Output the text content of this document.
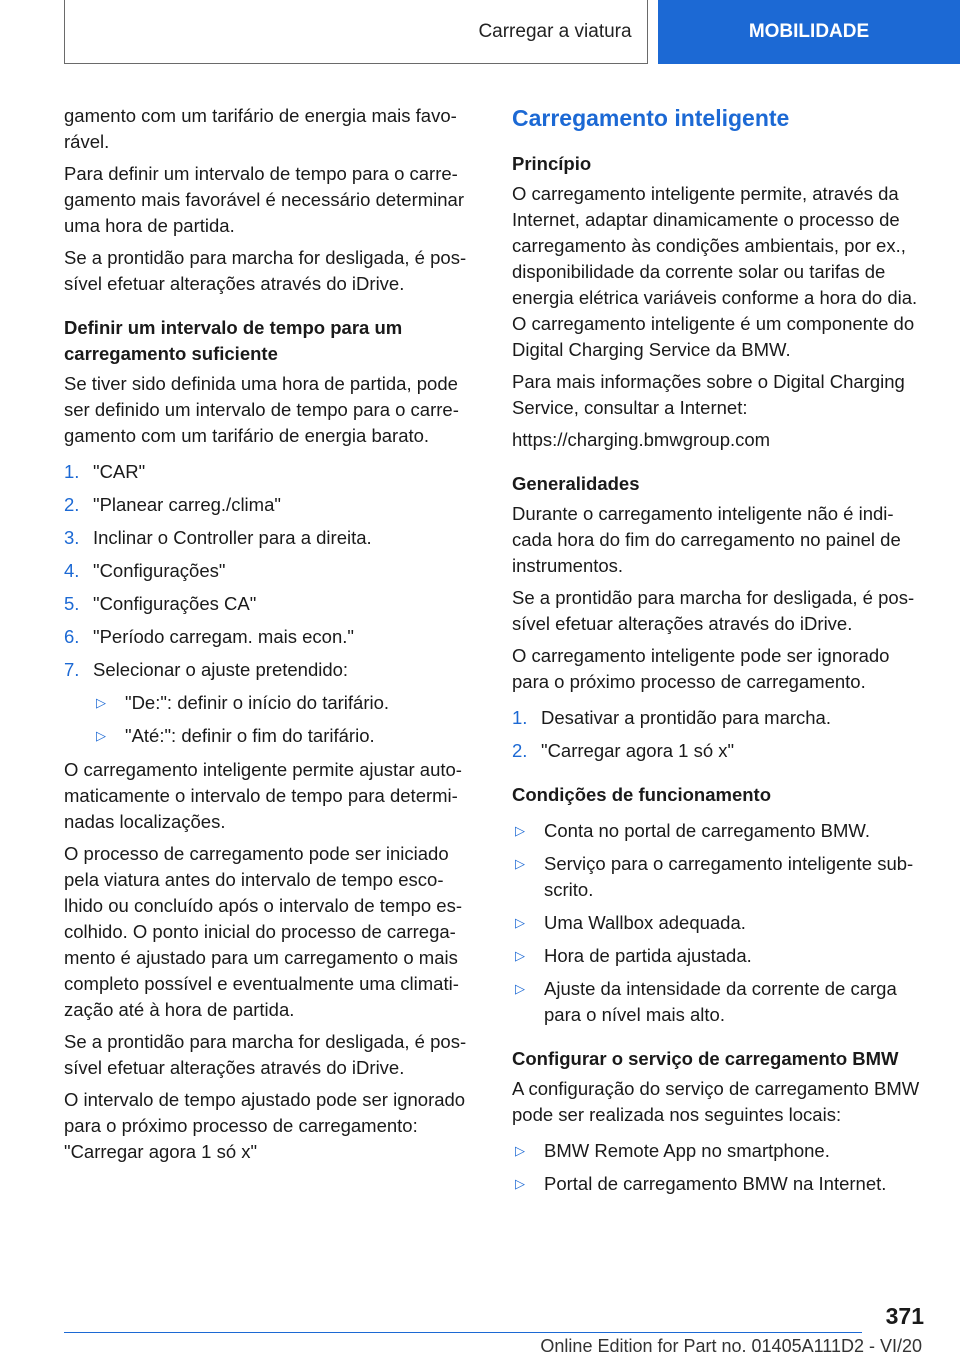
Carregar a viatura	MOBILIDADE

gamento com um tarifário de energia mais favo-rável.

Para definir um intervalo de tempo para o carre-gamento mais favorável é necessário determinar uma hora de partida.

Se a prontidão para marcha for desligada, é pos-sível efetuar alterações através do iDrive.

Definir um intervalo de tempo para um carregamento suficiente

Se tiver sido definida uma hora de partida, pode ser definido um intervalo de tempo para o carre-gamento com um tarifário de energia barato.

1. "CAR"
2. "Planear carreg./clima"
3. Inclinar o Controller para a direita.
4. "Configurações"
5. "Configurações CA"
6. "Período carregam. mais econ."
7. Selecionar o ajuste pretendido:
▷	"De:": definir o início do tarifário.
▷	"Até:": definir o fim do tarifário.

O carregamento inteligente permite ajustar auto-maticamente o intervalo de tempo para determi-nadas localizações.

O processo de carregamento pode ser iniciado pela viatura antes do intervalo de tempo esco-lhido ou concluído após o intervalo de tempo es-colhido. O ponto inicial do processo de carrega-mento é ajustado para um carregamento o mais completo possível e eventualmente uma climati-zação até à hora de partida.

Se a prontidão para marcha for desligada, é pos-sível efetuar alterações através do iDrive.

O intervalo de tempo ajustado pode ser ignorado para o próximo processo de carregamento: "Carregar agora 1 só x"

Carregamento inteligente
Princípio

O carregamento inteligente permite, através da Internet, adaptar dinamicamente o processo de carregamento às condições ambientais, por ex., disponibilidade da corrente solar ou tarifas de energia elétrica variáveis conforme a hora do dia. O carregamento inteligente é um componente do Digital Charging Service da BMW.

Para mais informações sobre o Digital Charging Service, consultar a Internet:

https://charging.bmwgroup.com

Generalidades

Durante o carregamento inteligente não é indi-cada hora do fim do carregamento no painel de instrumentos.

Se a prontidão para marcha for desligada, é pos-sível efetuar alterações através do iDrive.

O carregamento inteligente pode ser ignorado para o próximo processo de carregamento.

1. Desativar a prontidão para marcha.
2. "Carregar agora 1 só x"
Condições de funcionamento
▷	Conta no portal de carregamento BMW.
▷	Serviço para o carregamento inteligente sub-scrito.
▷	Uma Wallbox adequada.
▷	Hora de partida ajustada.
▷	Ajuste da intensidade da corrente de carga para o nível mais alto.
Configurar o serviço de carregamento BMW

A configuração do serviço de carregamento BMW pode ser realizada nos seguintes locais:

▷	BMW Remote App no smartphone.
▷	Portal de carregamento BMW na Internet.
371
Online Edition for Part no. 01405A111D2 - VI/20
